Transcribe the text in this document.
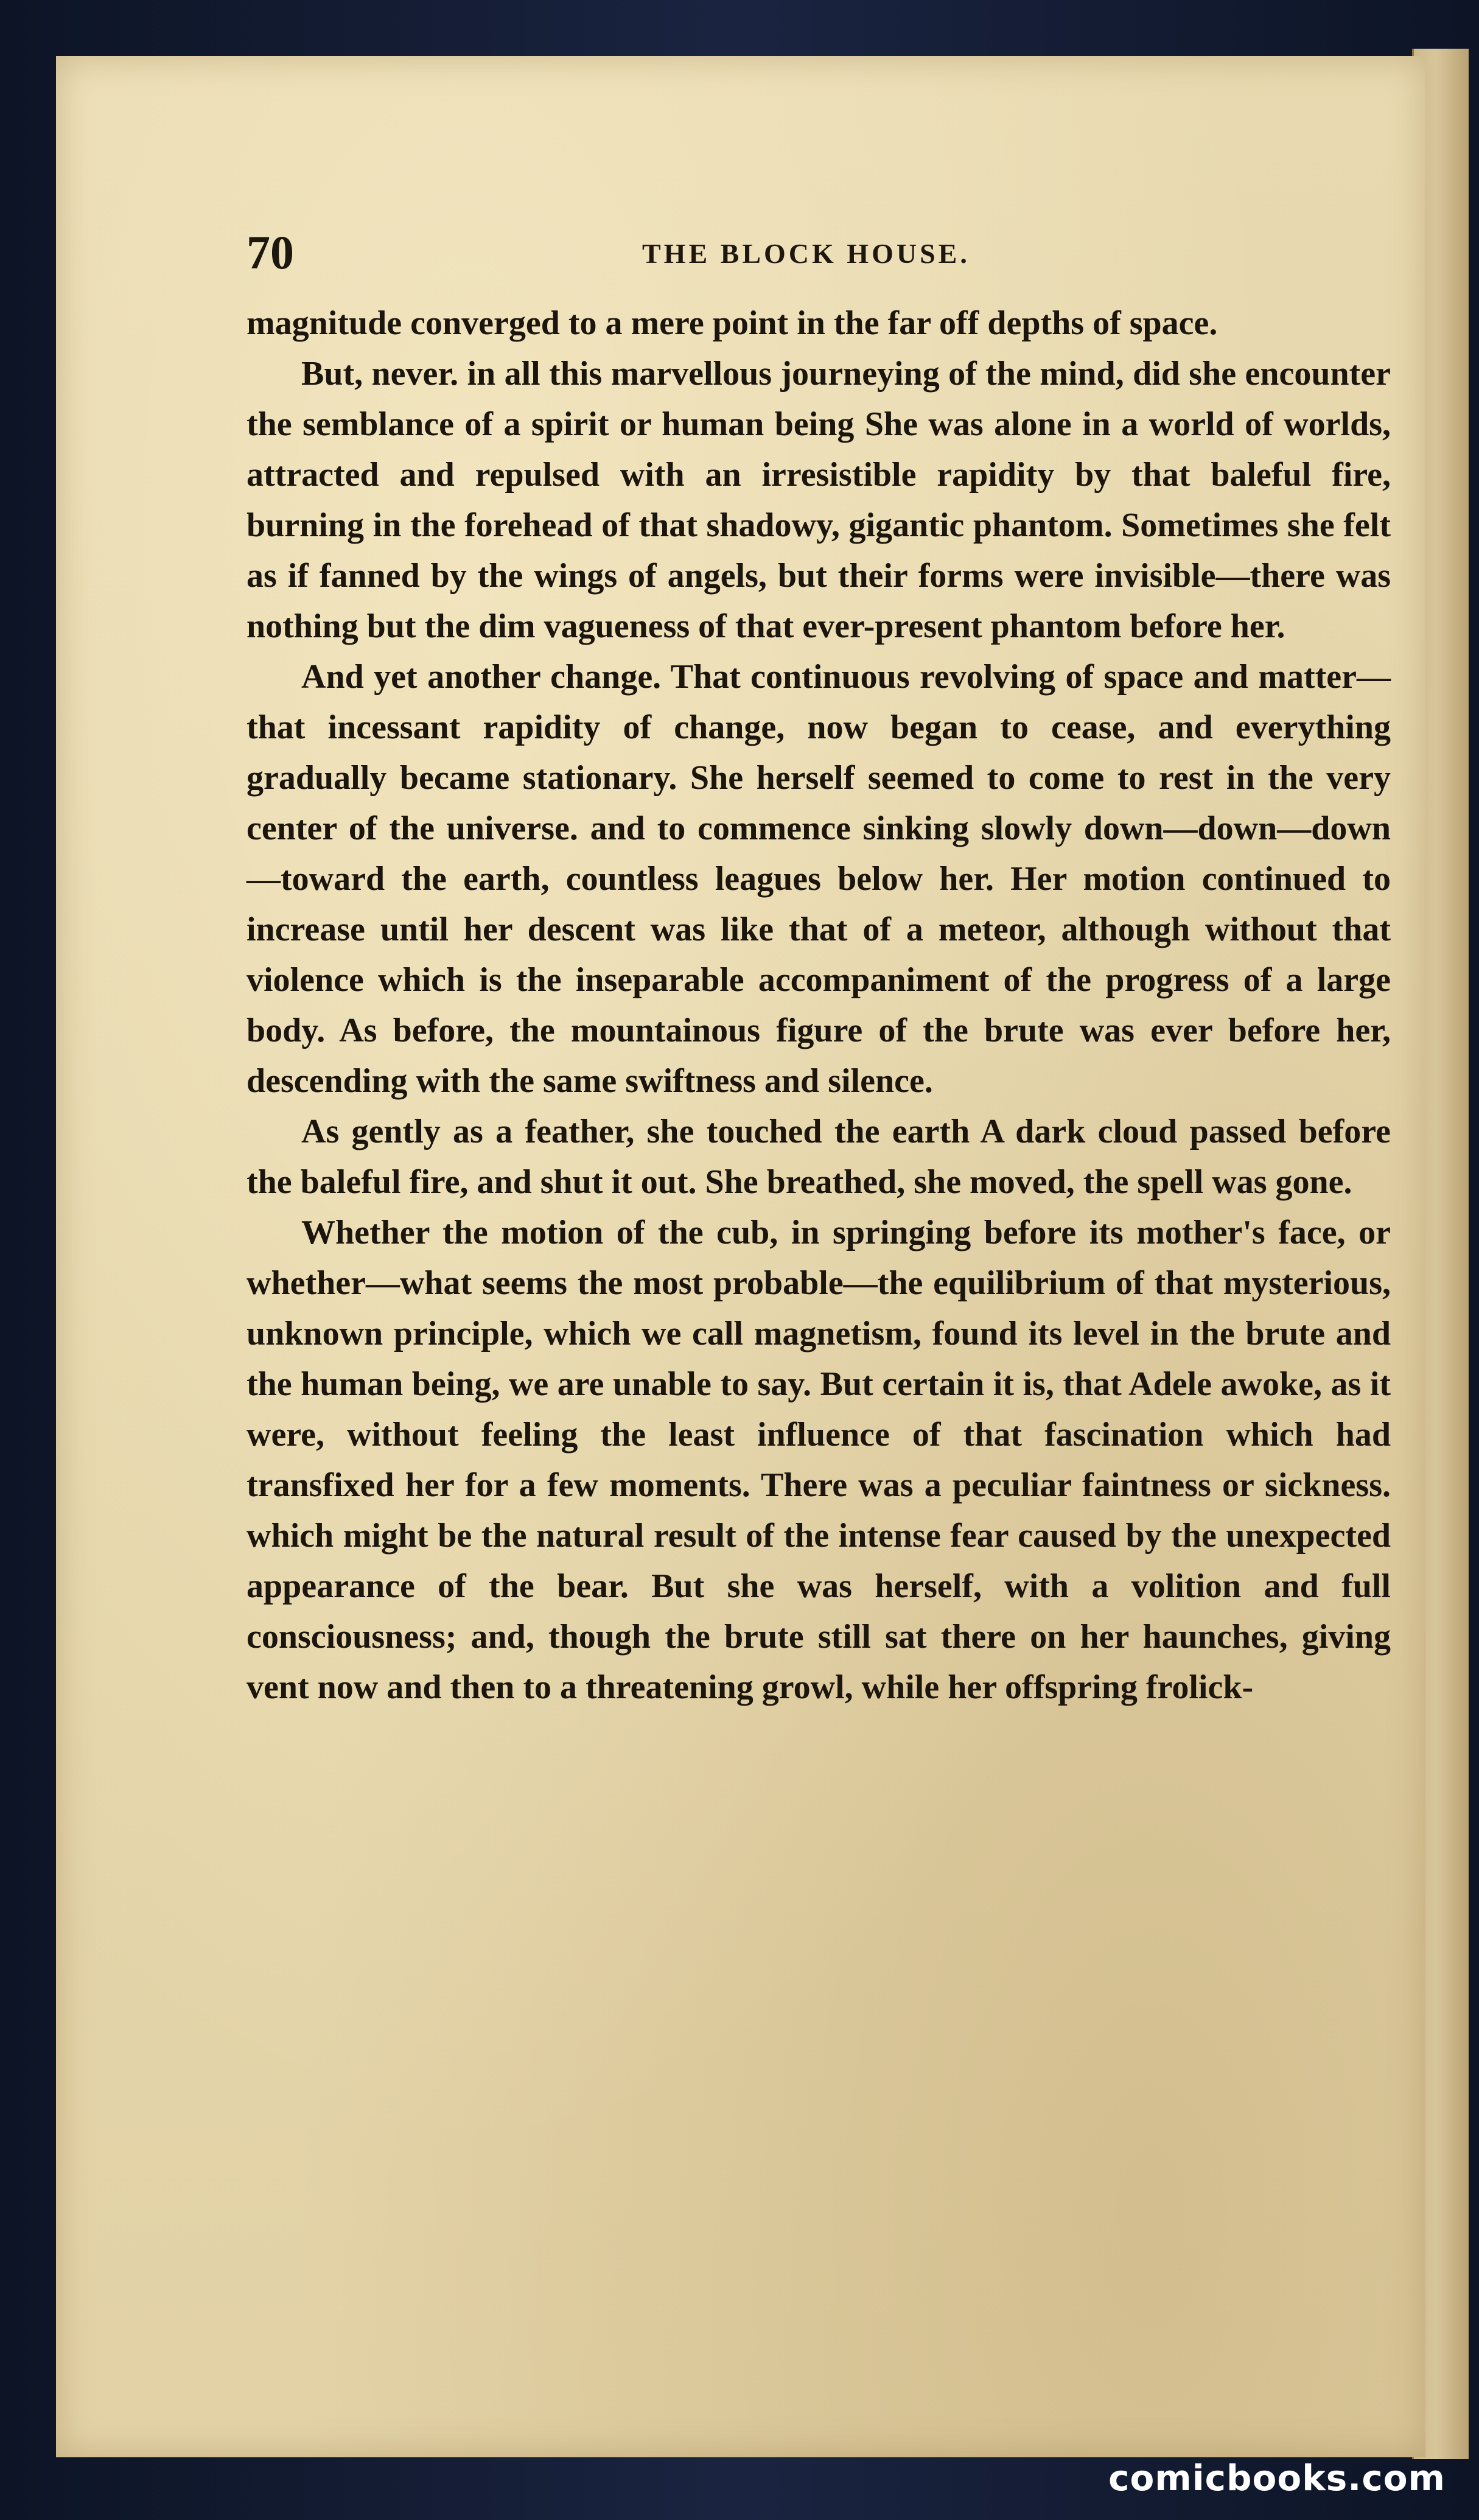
70	THE BLOCK HOUSE.

magnitude converged to a mere point in the far off depths of space.

But, never. in all this marvellous journeying of the mind, did she encounter the semblance of a spirit or human being She was alone in a world of worlds, attracted and repulsed with an irresistible rapidity by that baleful fire, burning in the forehead of that shadowy, gigantic phantom. Sometimes she felt as if fanned by the wings of angels, but their forms were invisible—there was nothing but the dim vagueness of that ever-present phantom before her.

And yet another change. That continuous revolving of space and matter—that incessant rapidity of change, now began to cease, and everything gradually became stationary. She herself seemed to come to rest in the very center of the universe. and to commence sinking slowly down—down—down—toward the earth, countless leagues below her. Her motion continued to increase until her descent was like that of a meteor, although without that violence which is the inseparable accompaniment of the progress of a large body. As before, the mountainous figure of the brute was ever before her, descending with the same swiftness and silence.

As gently as a feather, she touched the earth A dark cloud passed before the baleful fire, and shut it out. She breathed, she moved, the spell was gone.

Whether the motion of the cub, in springing before its mother's face, or whether—what seems the most probable—the equilibrium of that mysterious, unknown principle, which we call magnetism, found its level in the brute and the human being, we are unable to say. But certain it is, that Adele awoke, as it were, without feeling the least influence of that fascination which had transfixed her for a few moments. There was a peculiar faintness or sickness. which might be the natural result of the intense fear caused by the unexpected appearance of the bear. But she was herself, with a volition and full consciousness; and, though the brute still sat there on her haunches, giving vent now and then to a threatening growl, while her offspring frolick-

comicbooks.com
